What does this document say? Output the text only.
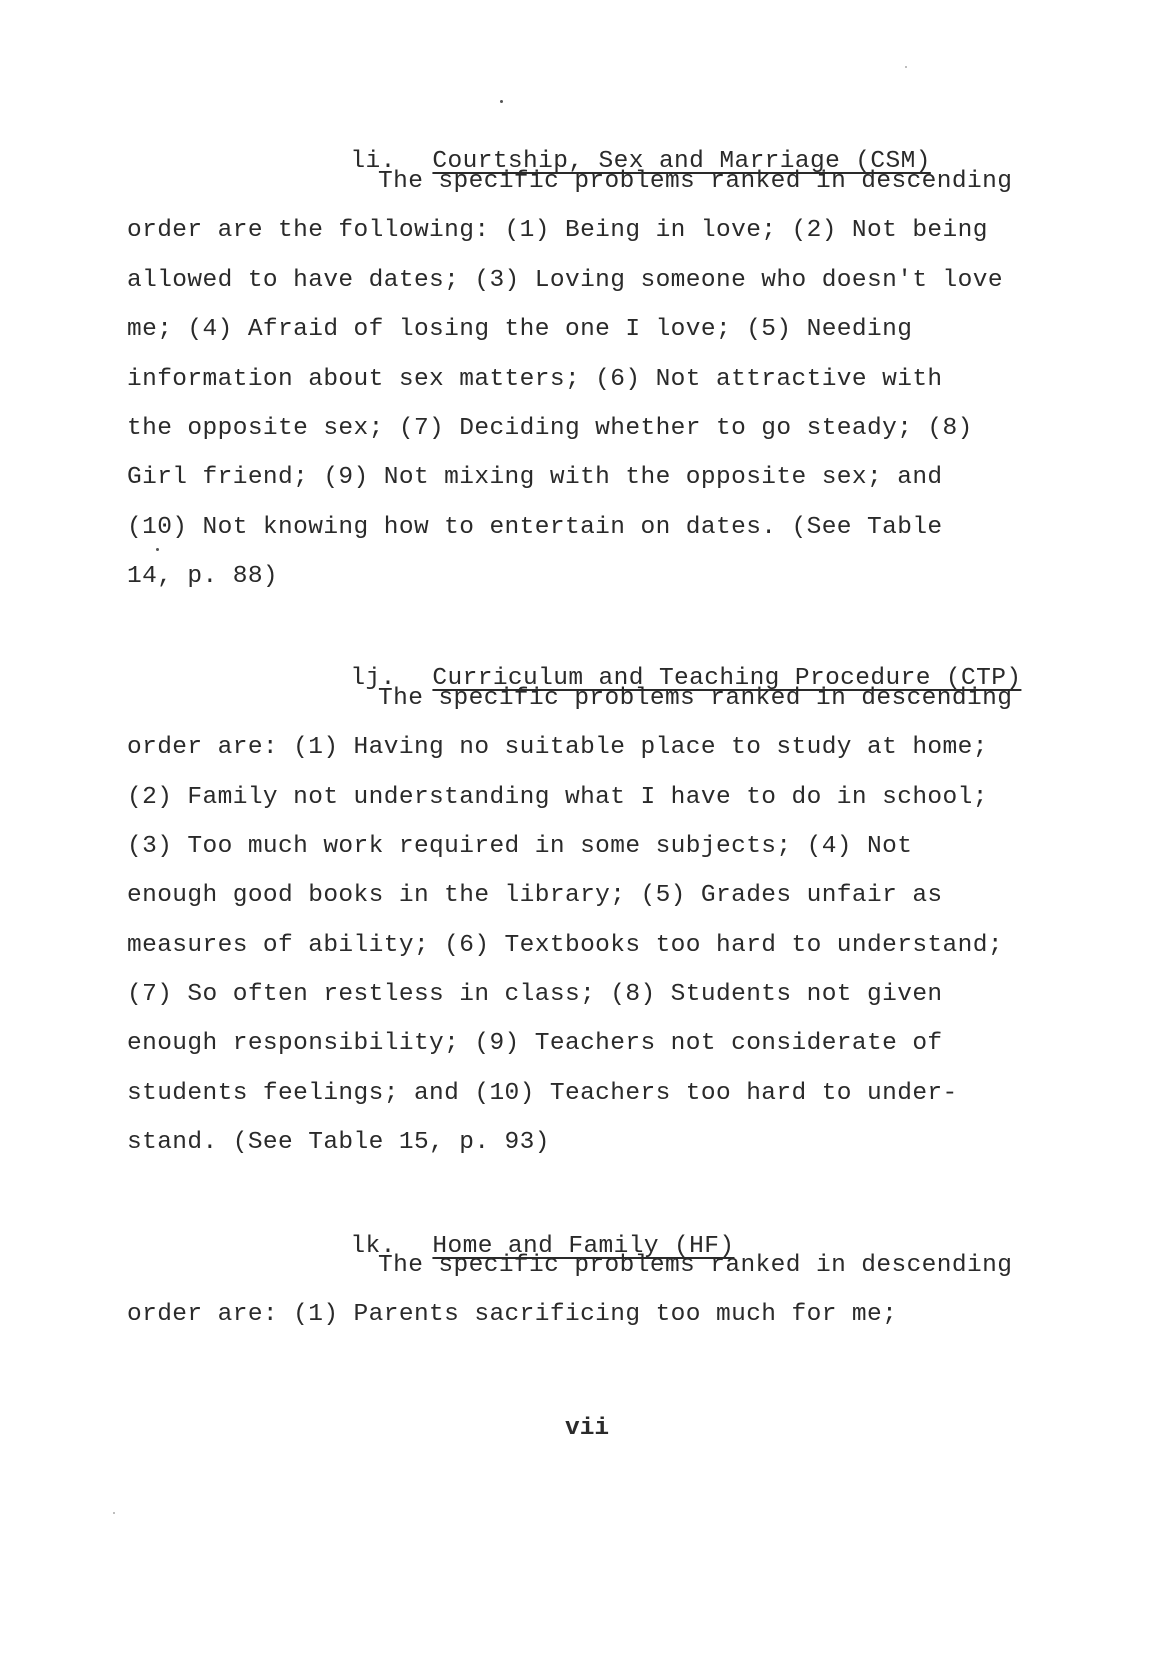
li. Courtship, Sex and Marriage (CSM)

The specific problems ranked in descending
order are the following: (1) Being in love; (2) Not being
allowed to have dates; (3) Loving someone who doesn't love
me; (4) Afraid of losing the one I love; (5) Needing
information about sex matters; (6) Not attractive with
the opposite sex; (7) Deciding whether to go steady; (8)
Girl friend; (9) Not mixing with the opposite sex; and
(10) Not knowing how to entertain on dates. (See Table
14, p. 88)

lj. Curriculum and Teaching Procedure (CTP)

The specific problems ranked in descending
order are: (1) Having no suitable place to study at home;
(2) Family not understanding what I have to do in school;
(3) Too much work required in some subjects; (4) Not
enough good books in the library; (5) Grades unfair as
measures of ability; (6) Textbooks too hard to understand;
(7) So often restless in class; (8) Students not given
enough responsibility; (9) Teachers not considerate of
students feelings; and (10) Teachers too hard to under-
stand. (See Table 15, p. 93)

lk. Home and Family (HF)

The specific problems ranked in descending
order are: (1) Parents sacrificing too much for me;
vii
